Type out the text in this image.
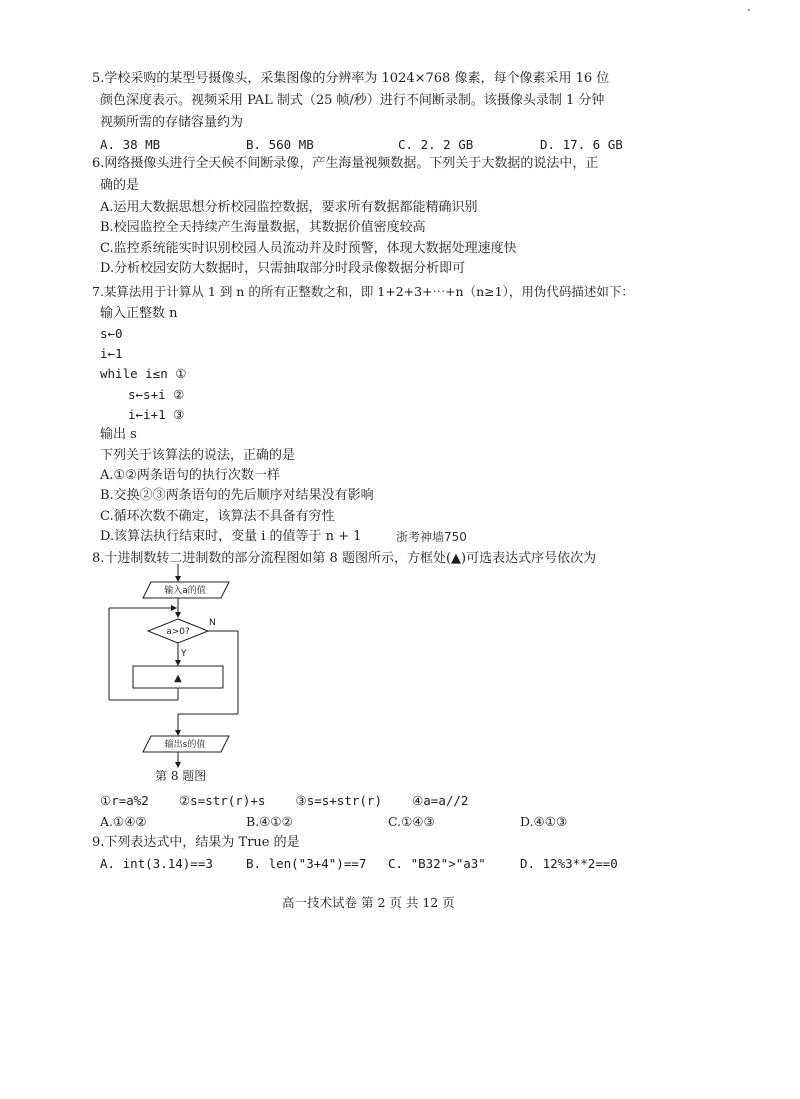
5.学校采购的某型号摄像头，采集图像的分辨率为 1024×768 像素，每个像素采用 16 位
颜色深度表示。视频采用 PAL 制式（25 帧/秒）进行不间断录制。该摄像头录制 1 分钟
视频所需的存储容量约为
A. 38 MB	B. 560 MB	C. 2. 2 GB	D. 17. 6 GB
6.网络摄像头进行全天候不间断录像，产生海量视频数据。下列关于大数据的说法中，正
确的是
A.运用大数据思想分析校园监控数据，要求所有数据都能精确识别
B.校园监控全天持续产生海量数据，其数据价值密度较高
C.监控系统能实时识别校园人员流动并及时预警，体现大数据处理速度快
D.分析校园安防大数据时，只需抽取部分时段录像数据分析即可
7.某算法用于计算从 1 到 n 的所有正整数之和，即 1+2+3+⋯+n（n≥1），用伪代码描述如下：
输入正整数 n
s←0
i←1
while i≤n ①
s←s+i ②
i←i+1 ③
输出 s
下列关于该算法的说法，正确的是
A.①②两条语句的执行次数一样
B.交换②③两条语句的先后顺序对结果没有影响
C.循环次数不确定，该算法不具备有穷性
D.该算法执行结束时，变量 i 的值等于 n + 1	浙考神墙750
8.十进制数转二进制数的部分流程图如第 8 题图所示，方框处(▲)可选表达式序号依次为
输入a的值
a>0?
N
Y
▲
输出s的值
第 8 题图
①r=a%2    ②s=str(r)+s    ③s=s+str(r)    ④a=a//2
A.①④②	B.④①②	C.①④③	D.④①③
9.下列表达式中，结果为 True 的是
A. int(3.14)==3	B. len("3+4")==7 C. "B32">"a3"	D. 12%3**2==0
高一技术试卷 第 2 页 共 12 页
